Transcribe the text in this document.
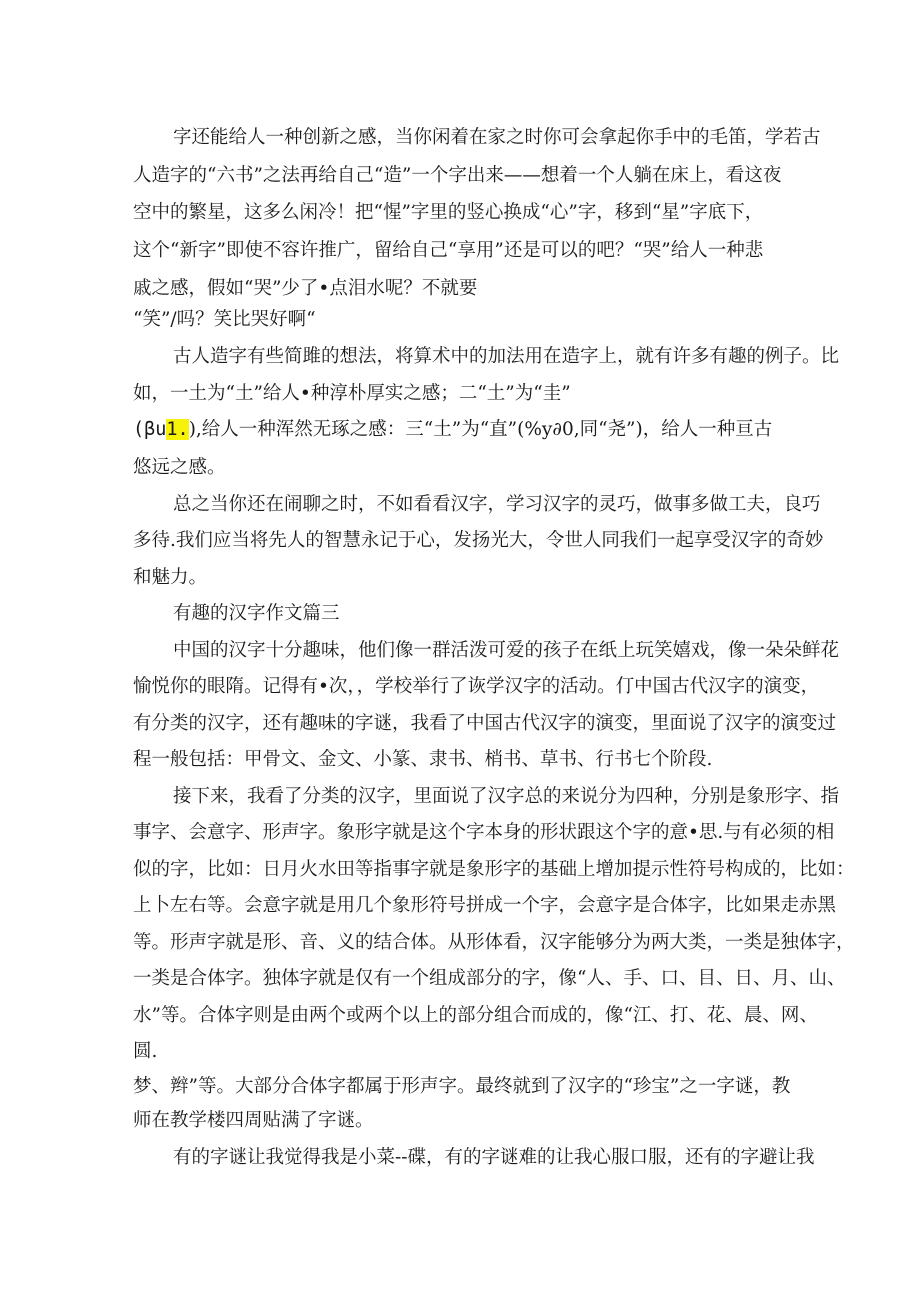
字还能给人一种创新之感，当你闲着在家之时你可会拿起你手中的毛笛，学若古
人造字的“六书”之法再给自己“造”一个字出来——想着一个人躺在床上，看这夜
空中的繁星，这多么闲冷！把“惺”字里的竖心换成“心”字，移到“星”字底下，
这个“新字”即使不容许推广，留给自己“享用”还是可以的吧？“哭”给人一种悲
戚之感，假如“哭”少了•点泪水呢？不就要
“笑”/吗？笑比哭好啊“
古人造字有些简雎的想法，将算术中的加法用在造字上，就有许多有趣的例子。比
如，一土为“土”给人•种淳朴厚实之感；二“土”为“圭”
(βu1.),给人一种浑然无琢之感：三“土”为“直”(%y∂0,同“尧”)，给人一种亘古
悠远之感。
总之当你还在闹聊之时，不如看看汉字，学习汉字的灵巧，做事多做工夫，良巧
多待.我们应当将先人的智慧永记于心，发扬光大，令世人同我们一起享受汉字的奇妙
和魅力。
有趣的汉字作文篇三
中国的汉字十分趣味，他们像一群活泼可爱的孩子在纸上玩笑嬉戏，像一朵朵鲜花
愉悦你的眼隋。记得有•次，，学校举行了诙学汉字的活动。仃中国古代汉字的演变，
有分类的汉字，还有趣味的字谜，我看了中国古代汉字的演变，里面说了汉字的演变过
程一般包括：甲骨文、金文、小篆、隶书、梢书、草书、行书七个阶段.
接下来，我看了分类的汉字，里面说了汉字总的来说分为四种，分别是象形字、指
事字、会意字、形声字。象形字就是这个字本身的形状跟这个字的意•思.与有必须的相
似的字，比如：日月火水田等指事字就是象形字的基础上增加提示性符号构成的，比如：
上卜左右等。会意字就是用几个象形符号拼成一个字，会意字是合体字，比如果走赤黑
等。形声字就是形、音、义的结合体。从形体看，汉字能够分为两大类，一类是独体字，
一类是合体字。独体字就是仅有一个组成部分的字，像“人、手、口、目、日、月、山、
水”等。合体字则是由两个或两个以上的部分组合而成的，像“江、打、花、晨、网、
圆.
梦、辫”等。大部分合体字都属于形声字。最终就到了汉字的“珍宝”之一字谜，教
师在教学楼四周贴满了字谜。
有的字谜让我觉得我是小菜--碟，有的字谜难的让我心服口服，还有的字避让我
